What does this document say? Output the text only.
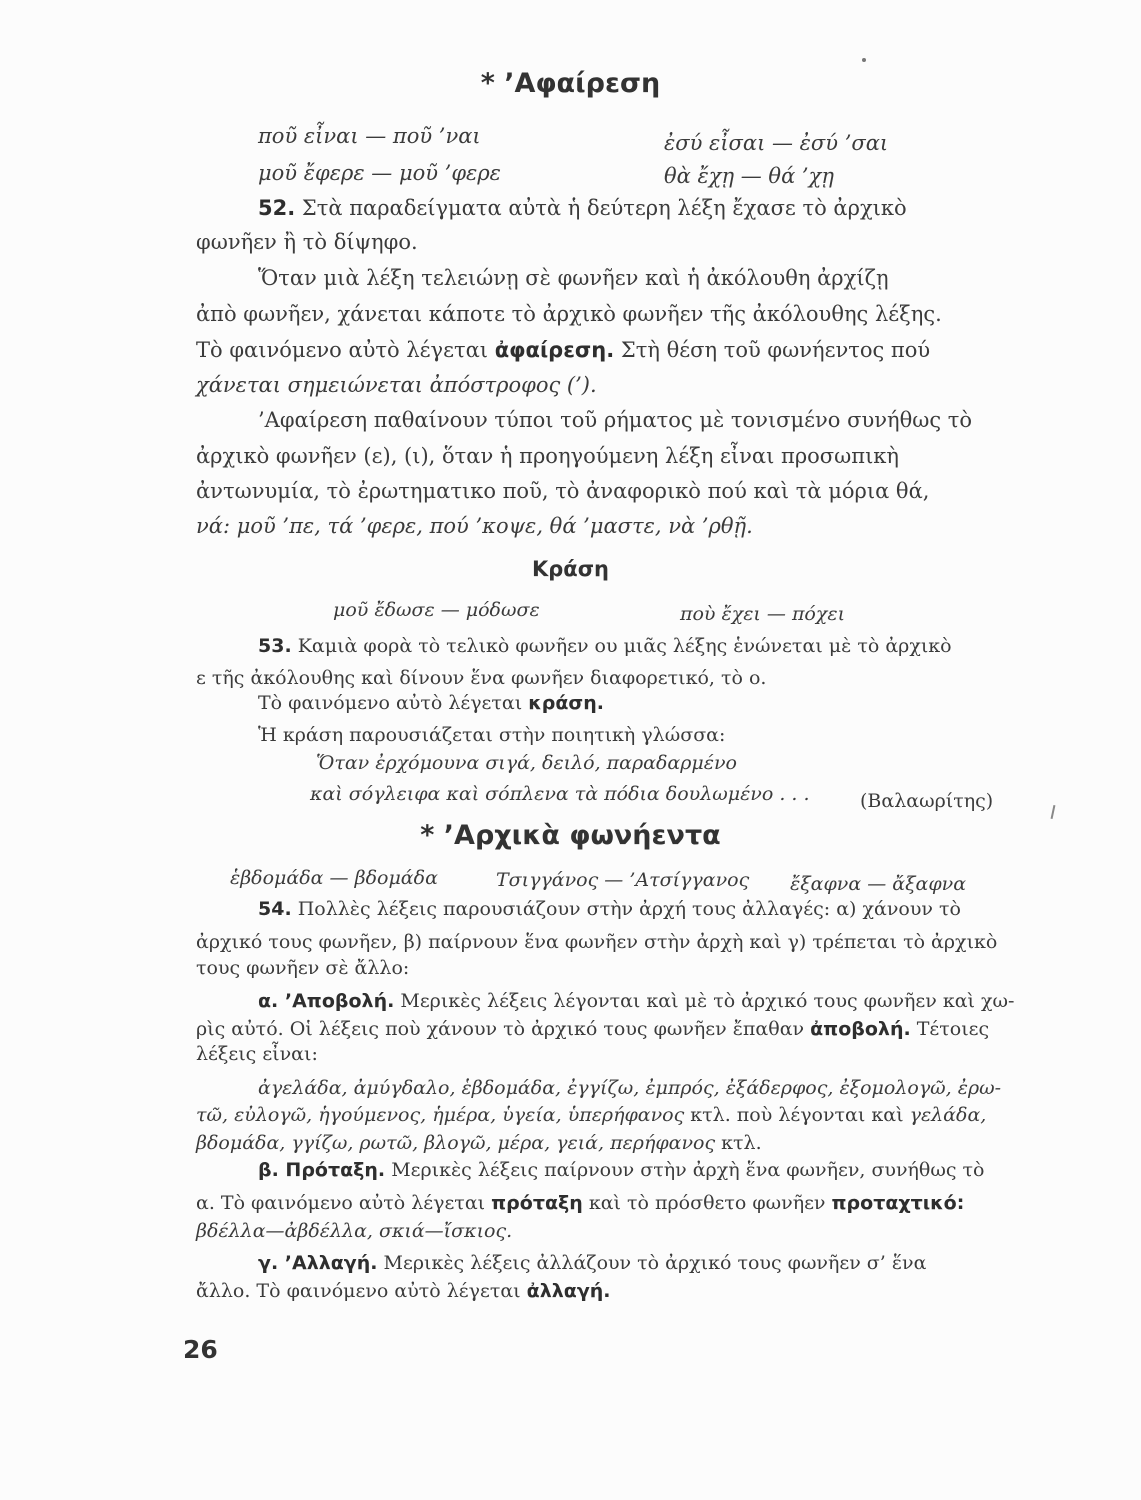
* ’Αφαίρεση
ποῦ εἶναι — ποῦ ’ναι	ἐσύ εἶσαι — ἐσύ ’σαι
μοῦ ἔφερε — μοῦ ’φερε	θὰ ἔχῃ — θά ’χῃ
52. Στὰ παραδείγματα αὐτὰ ἡ δεύτερη λέξη ἔχασε τὸ ἀρχικὸ
φωνῆεν ἢ τὸ δίψηφο.
Ὅταν μιὰ λέξη τελειώνῃ σὲ φωνῆεν καὶ ἡ ἀκόλουθη ἀρχίζῃ
ἀπὸ φωνῆεν, χάνεται κάποτε τὸ ἀρχικὸ φωνῆεν τῆς ἀκόλουθης λέξης.
Τὸ φαινόμενο αὐτὸ λέγεται ἀφαίρεση. Στὴ θέση τοῦ φωνήεντος πού
χάνεται σημειώνεται ἀπόστροφος (’).
’Αφαίρεση παθαίνουν τύποι τοῦ ρήματος μὲ τονισμένο συνήθως τὸ
ἀρχικὸ φωνῆεν (ε), (ι), ὅταν ἡ προηγούμενη λέξη εἶναι προσωπικὴ
ἀντωνυμία, τὸ ἐρωτηματικο ποῦ, τὸ ἀναφορικὸ πού καὶ τὰ μόρια θά,
νά: μοῦ ’πε, τά ’φερε, πού ’κοψε, θά ’μαστε, νὰ ’ρθῇ.
Κράση
μοῦ ἔδωσε — μόδωσε	ποὺ ἔχει — πόχει
53. Καμιὰ φορὰ τὸ τελικὸ φωνῆεν ου μιᾶς λέξης ἑνώνεται μὲ τὸ ἀρχικὸ
ε τῆς ἀκόλουθης καὶ δίνουν ἕνα φωνῆεν διαφορετικό, τὸ ο.
Τὸ φαινόμενο αὐτὸ λέγεται κράση.
Ἡ κράση παρουσιάζεται στὴν ποιητικὴ γλώσσα:
Ὅταν ἐρχόμουνα σιγά, δειλό, παραδαρμένο
καὶ σόγλειφα καὶ σόπλενα τὰ πόδια δουλωμένο . . .	(Βαλαωρίτης)
* ’Αρχικὰ φωνήεντα
ἑβδομάδα — βδομάδα	Τσιγγάνος — ’Ατσίγγανος ἔξαφνα — ἄξαφνα
54. Πολλὲς λέξεις παρουσιάζουν στὴν ἀρχή τους ἀλλαγές: α) χάνουν τὸ
ἀρχικό τους φωνῆεν, β) παίρνουν ἕνα φωνῆεν στὴν ἀρχὴ καὶ γ) τρέπεται τὸ ἀρχικὸ
τους φωνῆεν σὲ ἄλλο:
α. ’Αποβολή. Μερικὲς λέξεις λέγονται καὶ μὲ τὸ ἀρχικό τους φωνῆεν καὶ χω-
ρὶς αὐτό. Οἱ λέξεις ποὺ χάνουν τὸ ἀρχικό τους φωνῆεν ἔπαθαν ἀποβολή. Τέτοιες
λέξεις εἶναι:
ἀγελάδα, ἀμύγδαλο, ἑβδομάδα, ἐγγίζω, ἐμπρός, ἐξάδερφος, ἐξομολογῶ, ἐρω-
τῶ, εὐλογῶ, ἡγούμενος, ἡμέρα, ὑγεία, ὑπερήφανος κτλ. ποὺ λέγονται καὶ γελάδα,
βδομάδα, γγίζω, ρωτῶ, βλογῶ, μέρα, γειά, περήφανος κτλ.
β. Πρόταξη. Μερικὲς λέξεις παίρνουν στὴν ἀρχὴ ἕνα φωνῆεν, συνήθως τὸ
α. Τὸ φαινόμενο αὐτὸ λέγεται πρόταξη καὶ τὸ πρόσθετο φωνῆεν προταχτικό:
βδέλλα—ἀβδέλλα, σκιά—ἴσκιος.
γ. ’Αλλαγή. Μερικὲς λέξεις ἀλλάζουν τὸ ἀρχικό τους φωνῆεν σ’ ἕνα
ἄλλο. Τὸ φαινόμενο αὐτὸ λέγεται ἀλλαγή.
26
